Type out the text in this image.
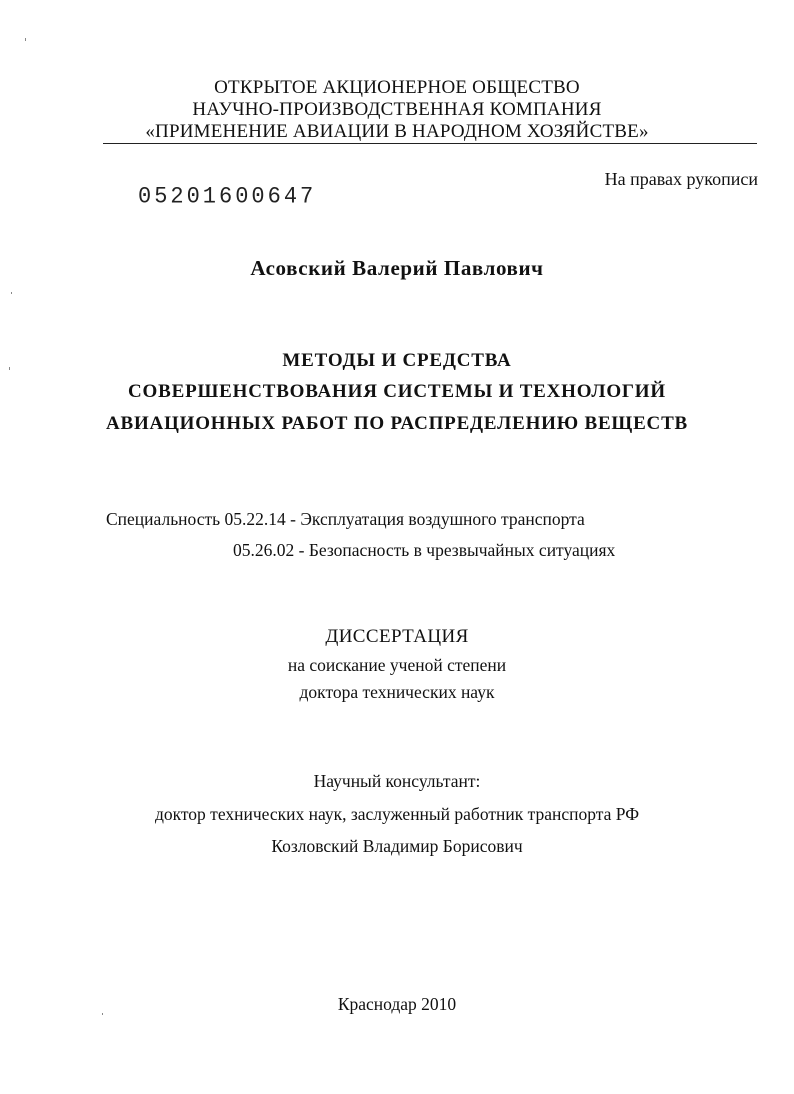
ОТКРЫТОЕ АКЦИОНЕРНОЕ ОБЩЕСТВО
НАУЧНО-ПРОИЗВОДСТВЕННАЯ КОМПАНИЯ
«ПРИМЕНЕНИЕ АВИАЦИИ В НАРОДНОМ ХОЗЯЙСТВЕ»
На правах рукописи
05201600647
Асовский Валерий Павлович
МЕТОДЫ И СРЕДСТВА
СОВЕРШЕНСТВОВАНИЯ СИСТЕМЫ И ТЕХНОЛОГИЙ
АВИАЦИОННЫХ РАБОТ ПО РАСПРЕДЕЛЕНИЮ ВЕЩЕСТВ
Специальность 05.22.14 - Эксплуатация воздушного транспорта
05.26.02 - Безопасность в чрезвычайных ситуациях
ДИССЕРТАЦИЯ
на соискание ученой степени
доктора технических наук
Научный консультант:
доктор технических наук, заслуженный работник транспорта РФ
Козловский Владимир Борисович
Краснодар 2010
